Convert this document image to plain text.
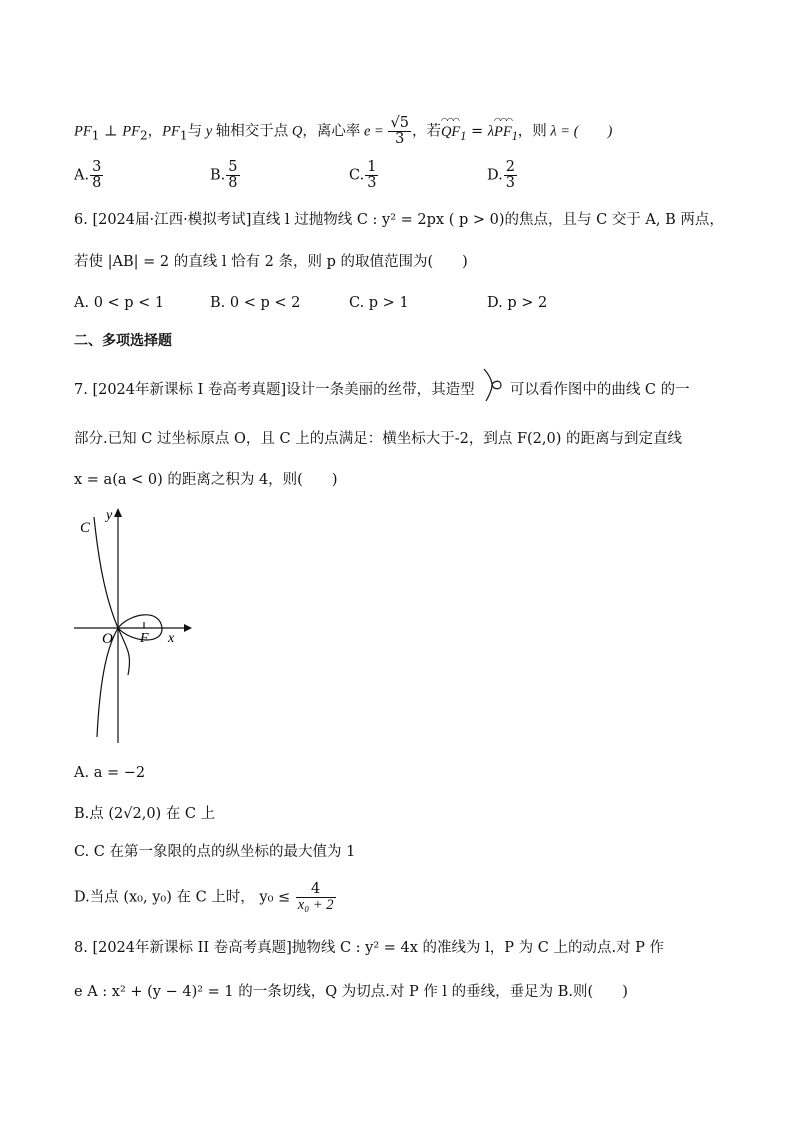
$PF_1$ ⊥ $PF_2$，$PF_1$与 y 轴相交于点 Q，离心率 $e = \frac{√5}{3}$ ，若◠◠◠ $QF_1$ = λ◠◠◠ $PF_1$，则 λ = (　　)
A. $\frac{3}{8}$	B. $\frac{5}{8}$	C. $\frac{1}{3}$	D. $\frac{2}{3}$
6. [2024届·江西·模拟考试]直线 l 过抛物线 C : y² = 2px ( p > 0)的焦点，且与 C 交于 A, B 两点，
若使 |AB| = 2 的直线 l 恰有 2 条，则 p 的取值范围为(　　)
A. 0 < p < 1	B. 0 < p < 2	C. p > 1	D. p > 2
二、多项选择题
7. [2024年新课标 I 卷高考真题]设计一条美丽的丝带，其造型 可以看作图中的曲线 C 的一
部分.已知 C 过坐标原点 O，且 C 上的点满足：横坐标大于-2，到点 F(2,0) 的距离与到定直线
x = a(a < 0) 的距离之积为 4，则(　　)
C
y
O F x
A. a = −2
B.点 (2√2,0) 在 C 上
C. C 在第一象限的点的纵坐标的最大值为 1
D.当点 (x₀, y₀) 在 C 上时， $y_0 \le \frac{4}{\text{x₀ + 2}}$
8. [2024年新课标 II 卷高考真题]抛物线 C : y² = 4x 的准线为 l，P 为 C 上的动点.对 P 作
e A : x² + (y − 4)² = 1 的一条切线，Q 为切点.对 P 作 l 的垂线，垂足为 B.则(　　)
